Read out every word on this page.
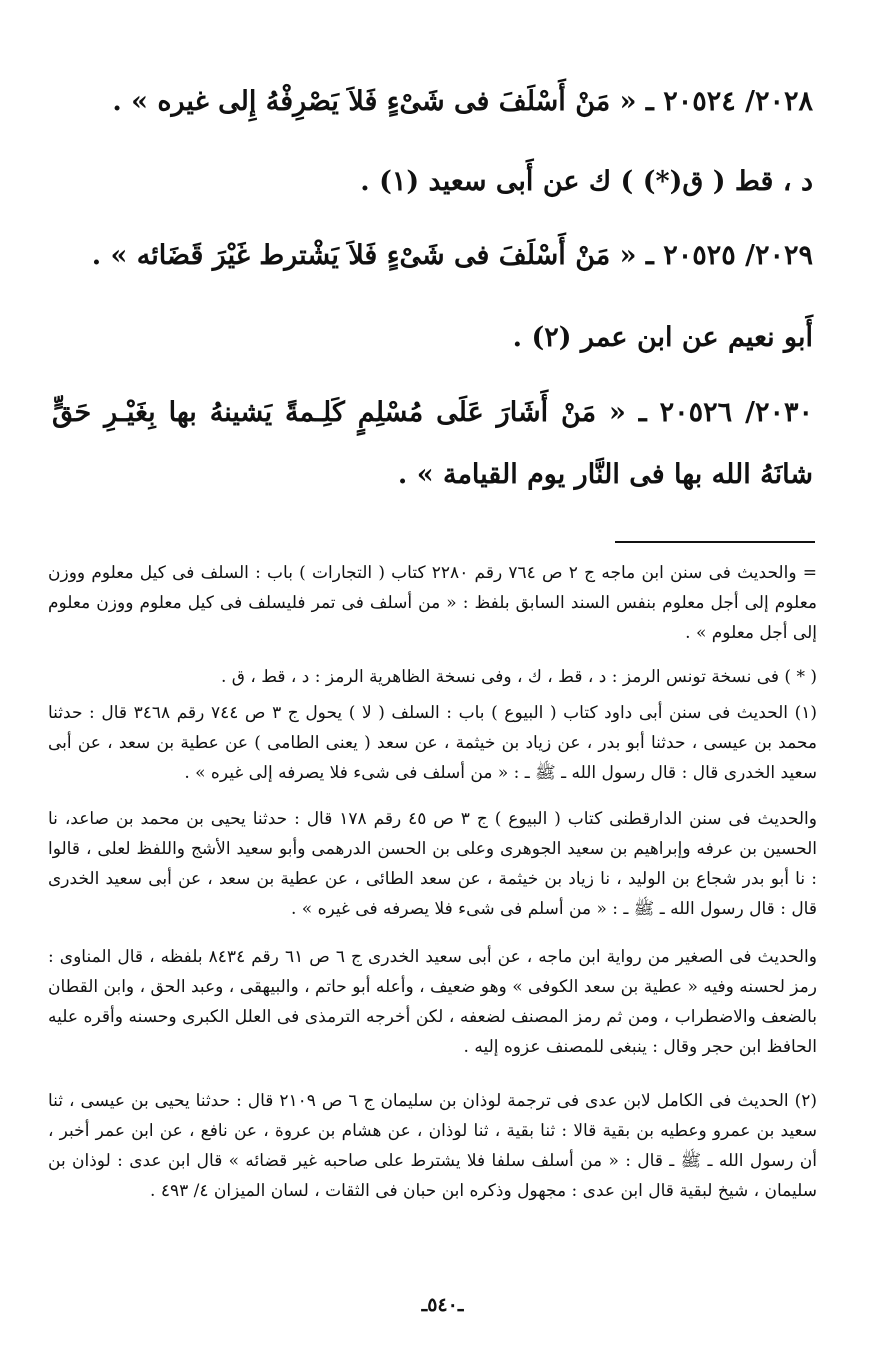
٢٠٢٨/ ٢٠٥٢٤ ـ « مَنْ أَسْلَفَ فى شَىْءٍ فَلاَ يَصْرِفْهُ إِلى غيره » .
د ، قط ( ق(*) ) ك عن أَبى سعيد (١) .
٢٠٢٩/ ٢٠٥٢٥ ـ « مَنْ أَسْلَفَ فى شَىْءٍ فَلاَ يَشْترط غَيْرَ قَضَائه » .
أَبو نعيم عن ابن عمر (٢) .
٢٠٣٠/ ٢٠٥٢٦ ـ « مَنْ أَشَارَ عَلَى مُسْلِمٍ كَلِـمةً يَشينهُ بها بِغَيْـرِ حَقٍّ شانَهُ الله بها فى النَّار يوم القيامة » .
= والحديث فى سنن ابن ماجه ج ٢ ص ٧٦٤ رقم ٢٢٨٠ كتاب ( التجارات ) باب : السلف فى كيل معلوم ووزن معلوم إلى أجل معلوم بنفس السند السابق بلفظ : « من أسلف فى تمر فليسلف فى كيل معلوم ووزن معلوم إلى أجل معلوم » .
( * ) فى نسخة تونس الرمز : د ، قط ، ك ، وفى نسخة الظاهرية الرمز : د ، قط ، ق .
(١) الحديث فى سنن أبى داود كتاب ( البيوع ) باب : السلف ( لا ) يحول ج ٣ ص ٧٤٤ رقم ٣٤٦٨ قال : حدثنا محمد بن عيسى ، حدثنا أبو بدر ، عن زياد بن خيثمة ، عن سعد ( يعنى الطامى ) عن عطية بن سعد ، عن أبى سعيد الخدرى قال : قال رسول الله ـ ﷺ ـ : « من أسلف فى شىء فلا يصرفه إلى غيره » .
والحديث فى سنن الدارقطنى كتاب ( البيوع ) ج ٣ ص ٤٥ رقم ١٧٨ قال : حدثنا يحيى بن محمد بن صاعد، نا الحسين بن عرفه وإبراهيم بن سعيد الجوهرى وعلى بن الحسن الدرهمى وأبو سعيد الأشج واللفظ لعلى ، قالوا : نا أبو بدر شجاع بن الوليد ، نا زياد بن خيثمة ، عن سعد الطائى ، عن عطية بن سعد ، عن أبى سعيد الخدرى قال : قال رسول الله ـ ﷺ ـ : « من أسلم فى شىء فلا يصرفه فى غيره » .
والحديث فى الصغير من رواية ابن ماجه ، عن أبى سعيد الخدرى ج ٦ ص ٦١ رقم ٨٤٣٤ بلفظه ، قال المناوى : رمز لحسنه وفيه « عطية بن سعد الكوفى » وهو ضعيف ، وأعله أبو حاتم ، والبيهقى ، وعبد الحق ، وابن القطان بالضعف والاضطراب ، ومن ثم رمز المصنف لضعفه ، لكن أخرجه الترمذى فى العلل الكبرى وحسنه وأقره عليه الحافظ ابن حجر وقال : ينبغى للمصنف عزوه إليه .
(٢) الحديث فى الكامل لابن عدى فى ترجمة لوذان بن سليمان ج ٦ ص ٢١٠٩ قال : حدثنا يحيى بن عيسى ، ثنا سعيد بن عمرو وعطيه بن بقية قالا : ثنا بقية ، ثنا لوذان ، عن هشام بن عروة ، عن نافع ، عن ابن عمر أخبر ، أن رسول الله ـ ﷺ ـ قال : « من أسلف سلفا فلا يشترط على صاحبه غير قضائه » قال ابن عدى : لوذان بن سليمان ، شيخ لبقية قال ابن عدى : مجهول وذكره ابن حبان فى الثقات ، لسان الميزان ٤/ ٤٩٣ .
ـ٥٤٠ـ
